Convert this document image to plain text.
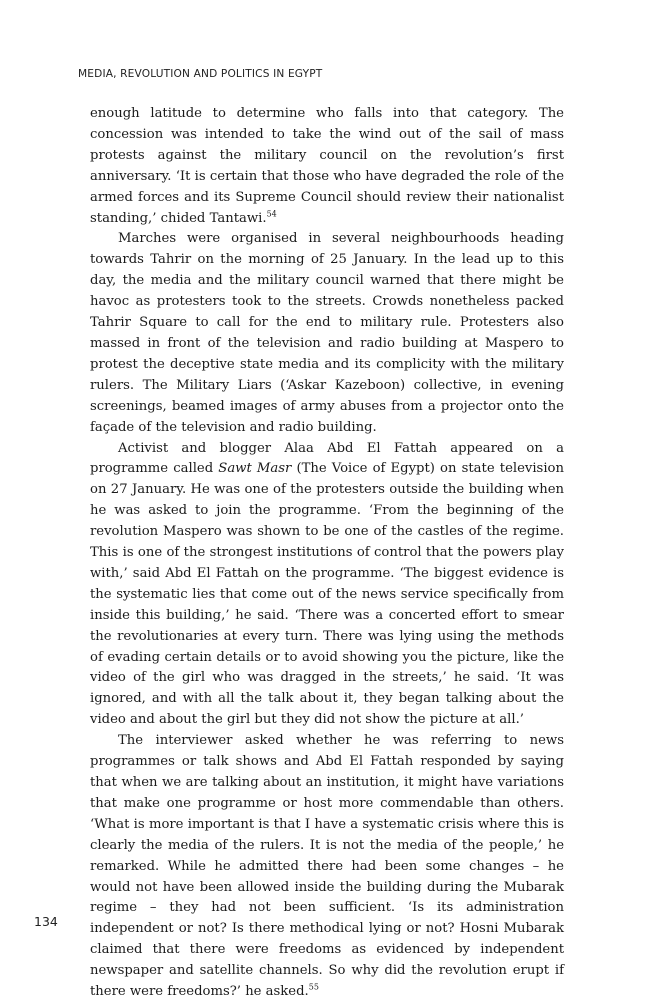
MEDIA, REVOLUTION AND POLITICS IN EGYPT

enough latitude to determine who falls into that category. The concession was intended to take the wind out of the sail of mass protests against the military council on the revolution’s first anniversary. ‘It is certain that those who have degraded the role of the armed forces and its Supreme Council should review their nationalist standing,’ chided Tantawi.$^{54}$

Marches were organised in several neighbourhoods heading towards Tahrir on the morning of 25 January. In the lead up to this day, the media and the military council warned that there might be havoc as protesters took to the streets. Crowds nonetheless packed Tahrir Square to call for the end to military rule. Protesters also massed in front of the television and radio building at Maspero to protest the deceptive state media and its complicity with the military rulers. The Military Liars (‘Askar Kazeboon) collective, in evening screenings, beamed images of army abuses from a projector onto the façade of the television and radio building.

Activist and blogger Alaa Abd El Fattah appeared on a programme called Sawt Masr (The Voice of Egypt) on state television on 27 January. He was one of the protesters outside the building when he was asked to join the programme. ‘From the beginning of the revolution Maspero was shown to be one of the castles of the regime. This is one of the strongest institutions of control that the powers play with,’ said Abd El Fattah on the programme. ‘The biggest evidence is the systematic lies that come out of the news service specifically from inside this building,’ he said. ‘There was a concerted effort to smear the revolutionaries at every turn. There was lying using the methods of evading certain details or to avoid showing you the picture, like the video of the girl who was dragged in the streets,’ he said. ‘It was ignored, and with all the talk about it, they began talking about the video and about the girl but they did not show the picture at all.’

The interviewer asked whether he was referring to news programmes or talk shows and Abd El Fattah responded by saying that when we are talking about an institution, it might have variations that make one programme or host more commendable than others. ‘What is more important is that I have a systematic crisis where this is clearly the media of the rulers. It is not the media of the people,’ he remarked. While he admitted there had been some changes – he would not have been allowed inside the building during the Mubarak regime – they had not been sufficient. ‘Is its administration independent or not? Is there methodical lying or not? Hosni Mubarak claimed that there were freedoms as evidenced by independent newspaper and satellite channels. So why did the revolution erupt if there were freedoms?’ he asked.$^{55}$

134
